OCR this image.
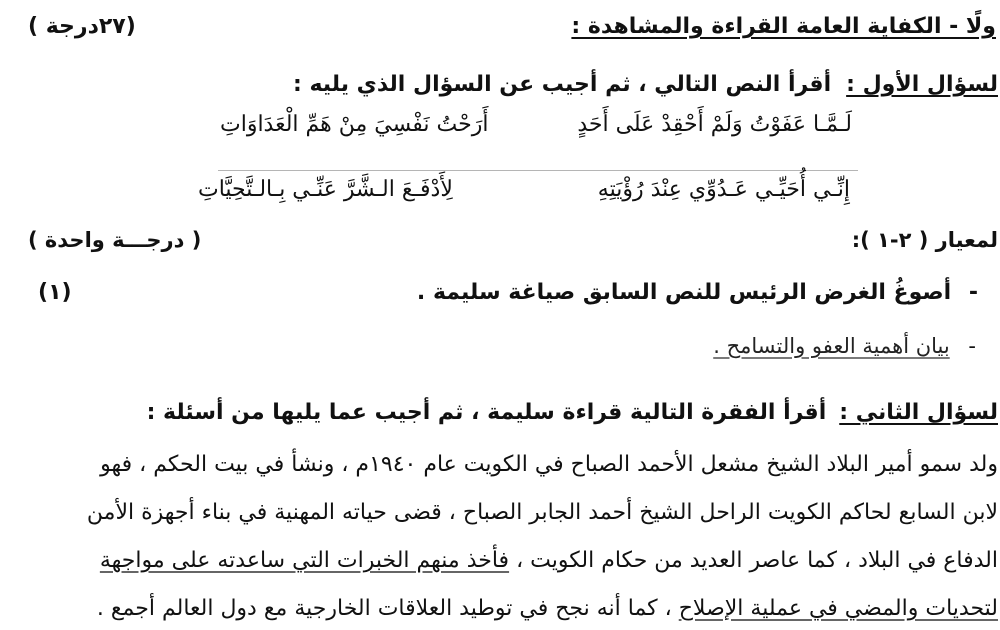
ولًا - الكفاية العامة القراءة والمشاهدة :
(٢٧درجة )
لسؤال الأول : أقرأ النص التالي ، ثم أجيب عن السؤال الذي يليه :
لَـمَّـا عَفَوْتُ وَلَمْ أَحْقِدْ عَلَى أَحَدٍ
أَرَحْتُ نَفْسِيَ مِنْ هَمِّ الْعَدَاوَاتِ
إِنِّـي أُحَيِّـي عَـدُوِّي عِنْدَ رُؤْيَتِهِ
لِأَدْفَـعَ الـشَّرَّ عَنِّـي بِـالـتَّحِيَّاتِ
لمعيار ( ٢-١ ):
( درجـــة واحدة )
- أصوغُ الغرض الرئيس للنص السابق صياغة سليمة .
(١)
- بيان أهمية العفو والتسامح .
لسؤال الثاني : أقرأ الفقرة التالية قراءة سليمة ، ثم أجيب عما يليها من أسئلة :
ولد سمو أمير البلاد الشيخ مشعل الأحمد الصباح في الكويت عام ١٩٤٠م ، ونشأ في بيت الحكم ، فهو
لابن السابع لحاكم الكويت الراحل الشيخ أحمد الجابر الصباح ، قضى حياته المهنية في بناء أجهزة الأمن
الدفاع في البلاد ، كما عاصر العديد من حكام الكويت ، فأخذ منهم الخبرات التي ساعدته على مواجهة
لتحديات والمضي في عملية الإصلاح ، كما أنه نجح في توطيد العلاقات الخارجية مع دول العالم أجمع .
